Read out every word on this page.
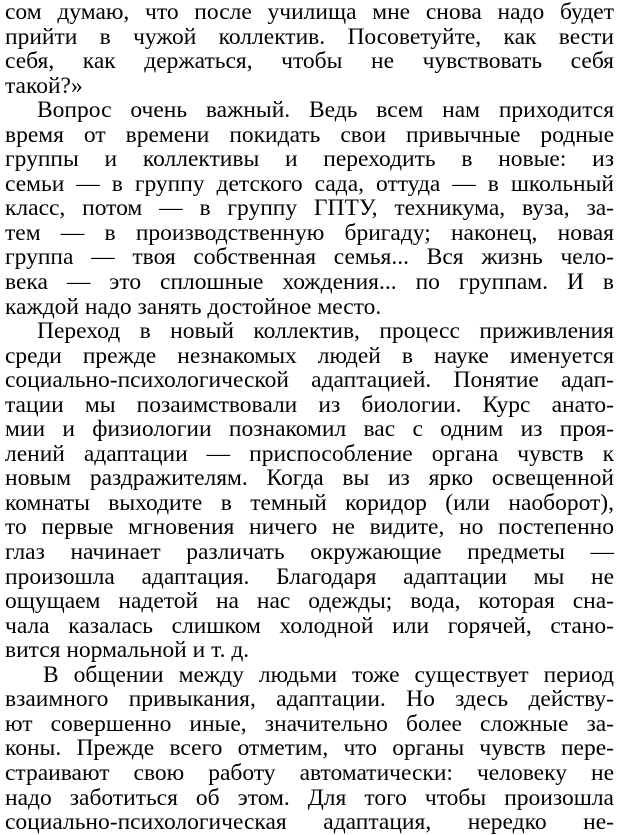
сом думаю, что после училища мне снова надо будет
прийти в чужой коллектив. Посоветуйте, как вести
себя, как держаться, чтобы не чувствовать себя
такой?»
Вопрос очень важный. Ведь всем нам приходится
время от времени покидать свои привычные родные
группы и коллективы и переходить в новые: из
семьи — в группу детского сада, оттуда — в школьный
класс, потом — в группу ГПТУ, техникума, вуза, за-
тем — в производственную бригаду; наконец, новая
группа — твоя собственная семья... Вся жизнь чело-
века — это сплошные хождения... по группам. И в
каждой надо занять достойное место.
Переход в новый коллектив, процесс приживления
среди прежде незнакомых людей в науке именуется
социально-психологической адаптацией. Понятие адап-
тации мы позаимствовали из биологии. Курс анато-
мии и физиологии познакомил вас с одним из проя-
лений адаптации — приспособление органа чувств к
новым раздражителям. Когда вы из ярко освещенной
комнаты выходите в темный коридор (или наоборот),
то первые мгновения ничего не видите, но постепенно
глаз начинает различать окружающие предметы —
произошла адаптация. Благодаря адаптации мы не
ощущаем надетой на нас одежды; вода, которая сна-
чала казалась слишком холодной или горячей, стано-
вится нормальной и т. д.
В общении между людьми тоже существует период
взаимного привыкания, адаптации. Но здесь действу-
ют совершенно иные, значительно более сложные за-
коны. Прежде всего отметим, что органы чувств пере-
страивают свою работу автоматически: человеку не
надо заботиться об этом. Для того чтобы произошла
социально-психологическая адаптация, нередко не-
